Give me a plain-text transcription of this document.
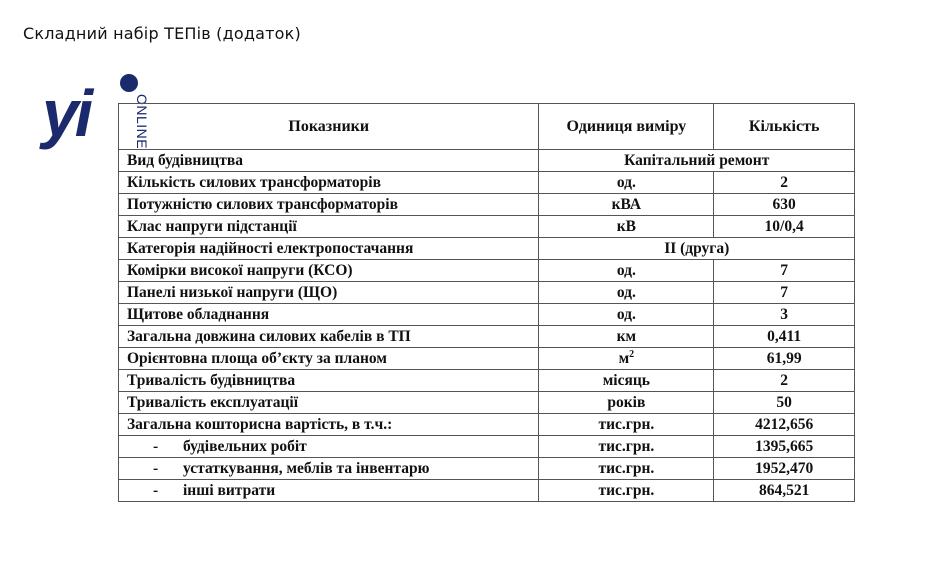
Складний набір ТЕПів (додаток)
уі	ONLINE	Показники	Одиниця виміру	Кількість
Вид будівництва	Капітальний ремонт	
Кількість силових трансформаторів	од.	2
Потужністю силових трансформаторів	кВА	630
Клас напруги підстанції	кВ	10/0,4
Категорія надійності електропостачання	ІІ (друга)	
Комірки високої напруги (КСО)	од.	7
Панелі низької напруги (ЩО)	од.	7
Щитове обладнання	од.	3
Загальна довжина силових кабелів в ТП	км	0,411
Орієнтовна площа об’єкту за планом	$м^2$	61,99
Тривалість будівництва	місяць	2
Тривалість експлуатації	років	50
Загальна кошторисна вартість, в т.ч.:	тис.грн.	4212,656
- будівельних робіт	тис.грн.	1395,665
- устаткування, меблів та інвентарю	тис.грн.	1952,470
- інші витрати	тис.грн.	864,521
